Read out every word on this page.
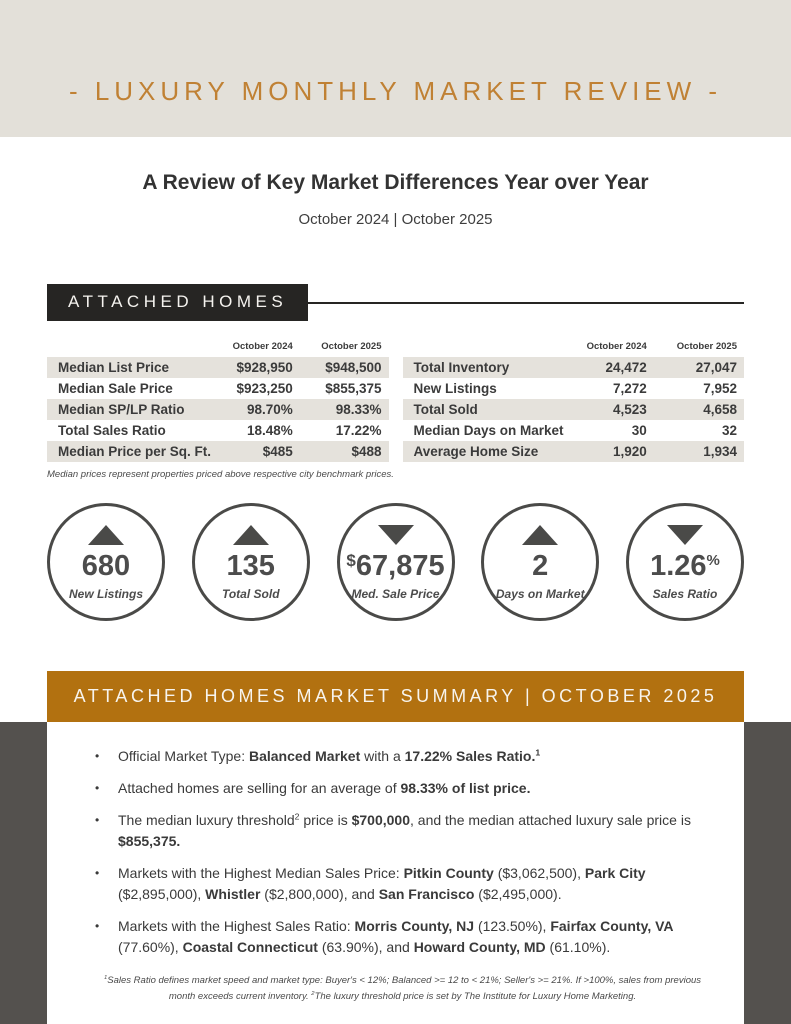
- LUXURY MONTHLY MARKET REVIEW -
A Review of Key Market Differences Year over Year
October 2024 | October 2025
ATTACHED HOMES
	October 2024	October 2025
Median List Price	$928,950	$948,500
Median Sale Price	$923,250	$855,375
Median SP/LP Ratio	98.70%	98.33%
Total Sales Ratio	18.48%	17.22%
Median Price per Sq. Ft.	$485	$488
	October 2024	October 2025
Total Inventory	24,472	27,047
New Listings	7,272	7,952
Total Sold	4,523	4,658
Median Days on Market	30	32
Average Home Size	1,920	1,934
Median prices represent properties priced above respective city benchmark prices.
680
New Listings
135
Total Sold
$67,875
Med. Sale Price
2
Days on Market
1.26%
Sales Ratio
ATTACHED HOMES MARKET SUMMARY | OCTOBER 2025
•	Official Market Type: Balanced Market with a 17.22% Sales Ratio.$^1$
•	Attached homes are selling for an average of 98.33% of list price.
•	The median luxury threshold$^2$ price is $700,000, and the median attached luxury sale price is $855,375.
•	Markets with the Highest Median Sales Price: Pitkin County ($3,062,500), Park City ($2,895,000), Whistler ($2,800,000), and San Francisco ($2,495,000).
•	Markets with the Highest Sales Ratio: Morris County, NJ (123.50%), Fairfax County, VA (77.60%), Coastal Connecticut (63.90%), and Howard County, MD (61.10%).
$^1$Sales Ratio defines market speed and market type: Buyer's < 12%; Balanced >= 12 to < 21%; Seller's >= 21%. If >100%, sales from previous month exceeds current inventory. $^2$The luxury threshold price is set by The Institute for Luxury Home Marketing.
